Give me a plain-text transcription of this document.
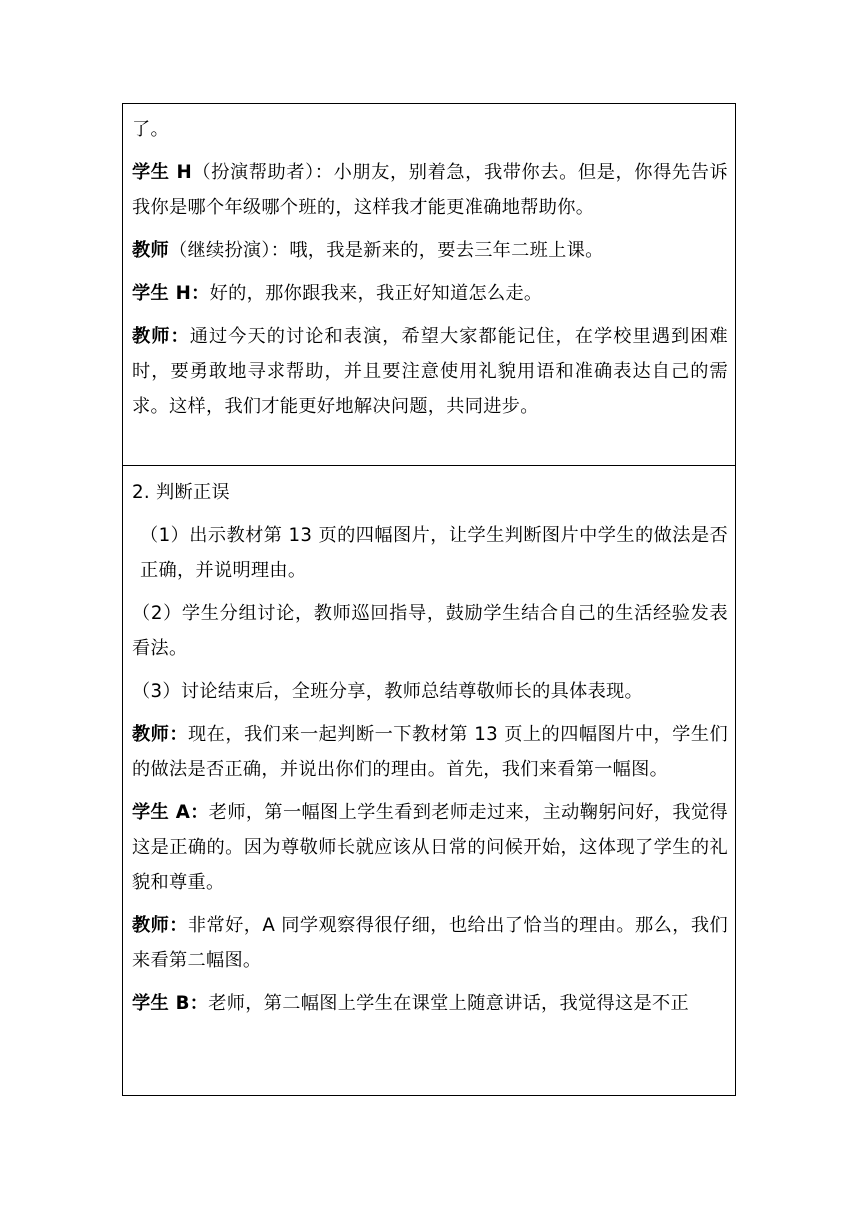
了。

学生 H（扮演帮助者）：小朋友，别着急，我带你去。但是，你得先告诉我你是哪个年级哪个班的，这样我才能更准确地帮助你。

教师（继续扮演）：哦，我是新来的，要去三年二班上课。

学生 H：好的，那你跟我来，我正好知道怎么走。

教师：通过今天的讨论和表演，希望大家都能记住，在学校里遇到困难时，要勇敢地寻求帮助，并且要注意使用礼貌用语和准确表达自己的需求。这样，我们才能更好地解决问题，共同进步。

2. 判断正误

（1）出示教材第 13 页的四幅图片，让学生判断图片中学生的做法是否正确，并说明理由。

（2）学生分组讨论，教师巡回指导，鼓励学生结合自己的生活经验发表看法。

（3）讨论结束后，全班分享，教师总结尊敬师长的具体表现。

教师：现在，我们来一起判断一下教材第 13 页上的四幅图片中，学生们的做法是否正确，并说出你们的理由。首先，我们来看第一幅图。

学生 A：老师，第一幅图上学生看到老师走过来，主动鞠躬问好，我觉得这是正确的。因为尊敬师长就应该从日常的问候开始，这体现了学生的礼貌和尊重。

教师：非常好，A 同学观察得很仔细，也给出了恰当的理由。那么，我们来看第二幅图。

学生 B：老师，第二幅图上学生在课堂上随意讲话，我觉得这是不正
